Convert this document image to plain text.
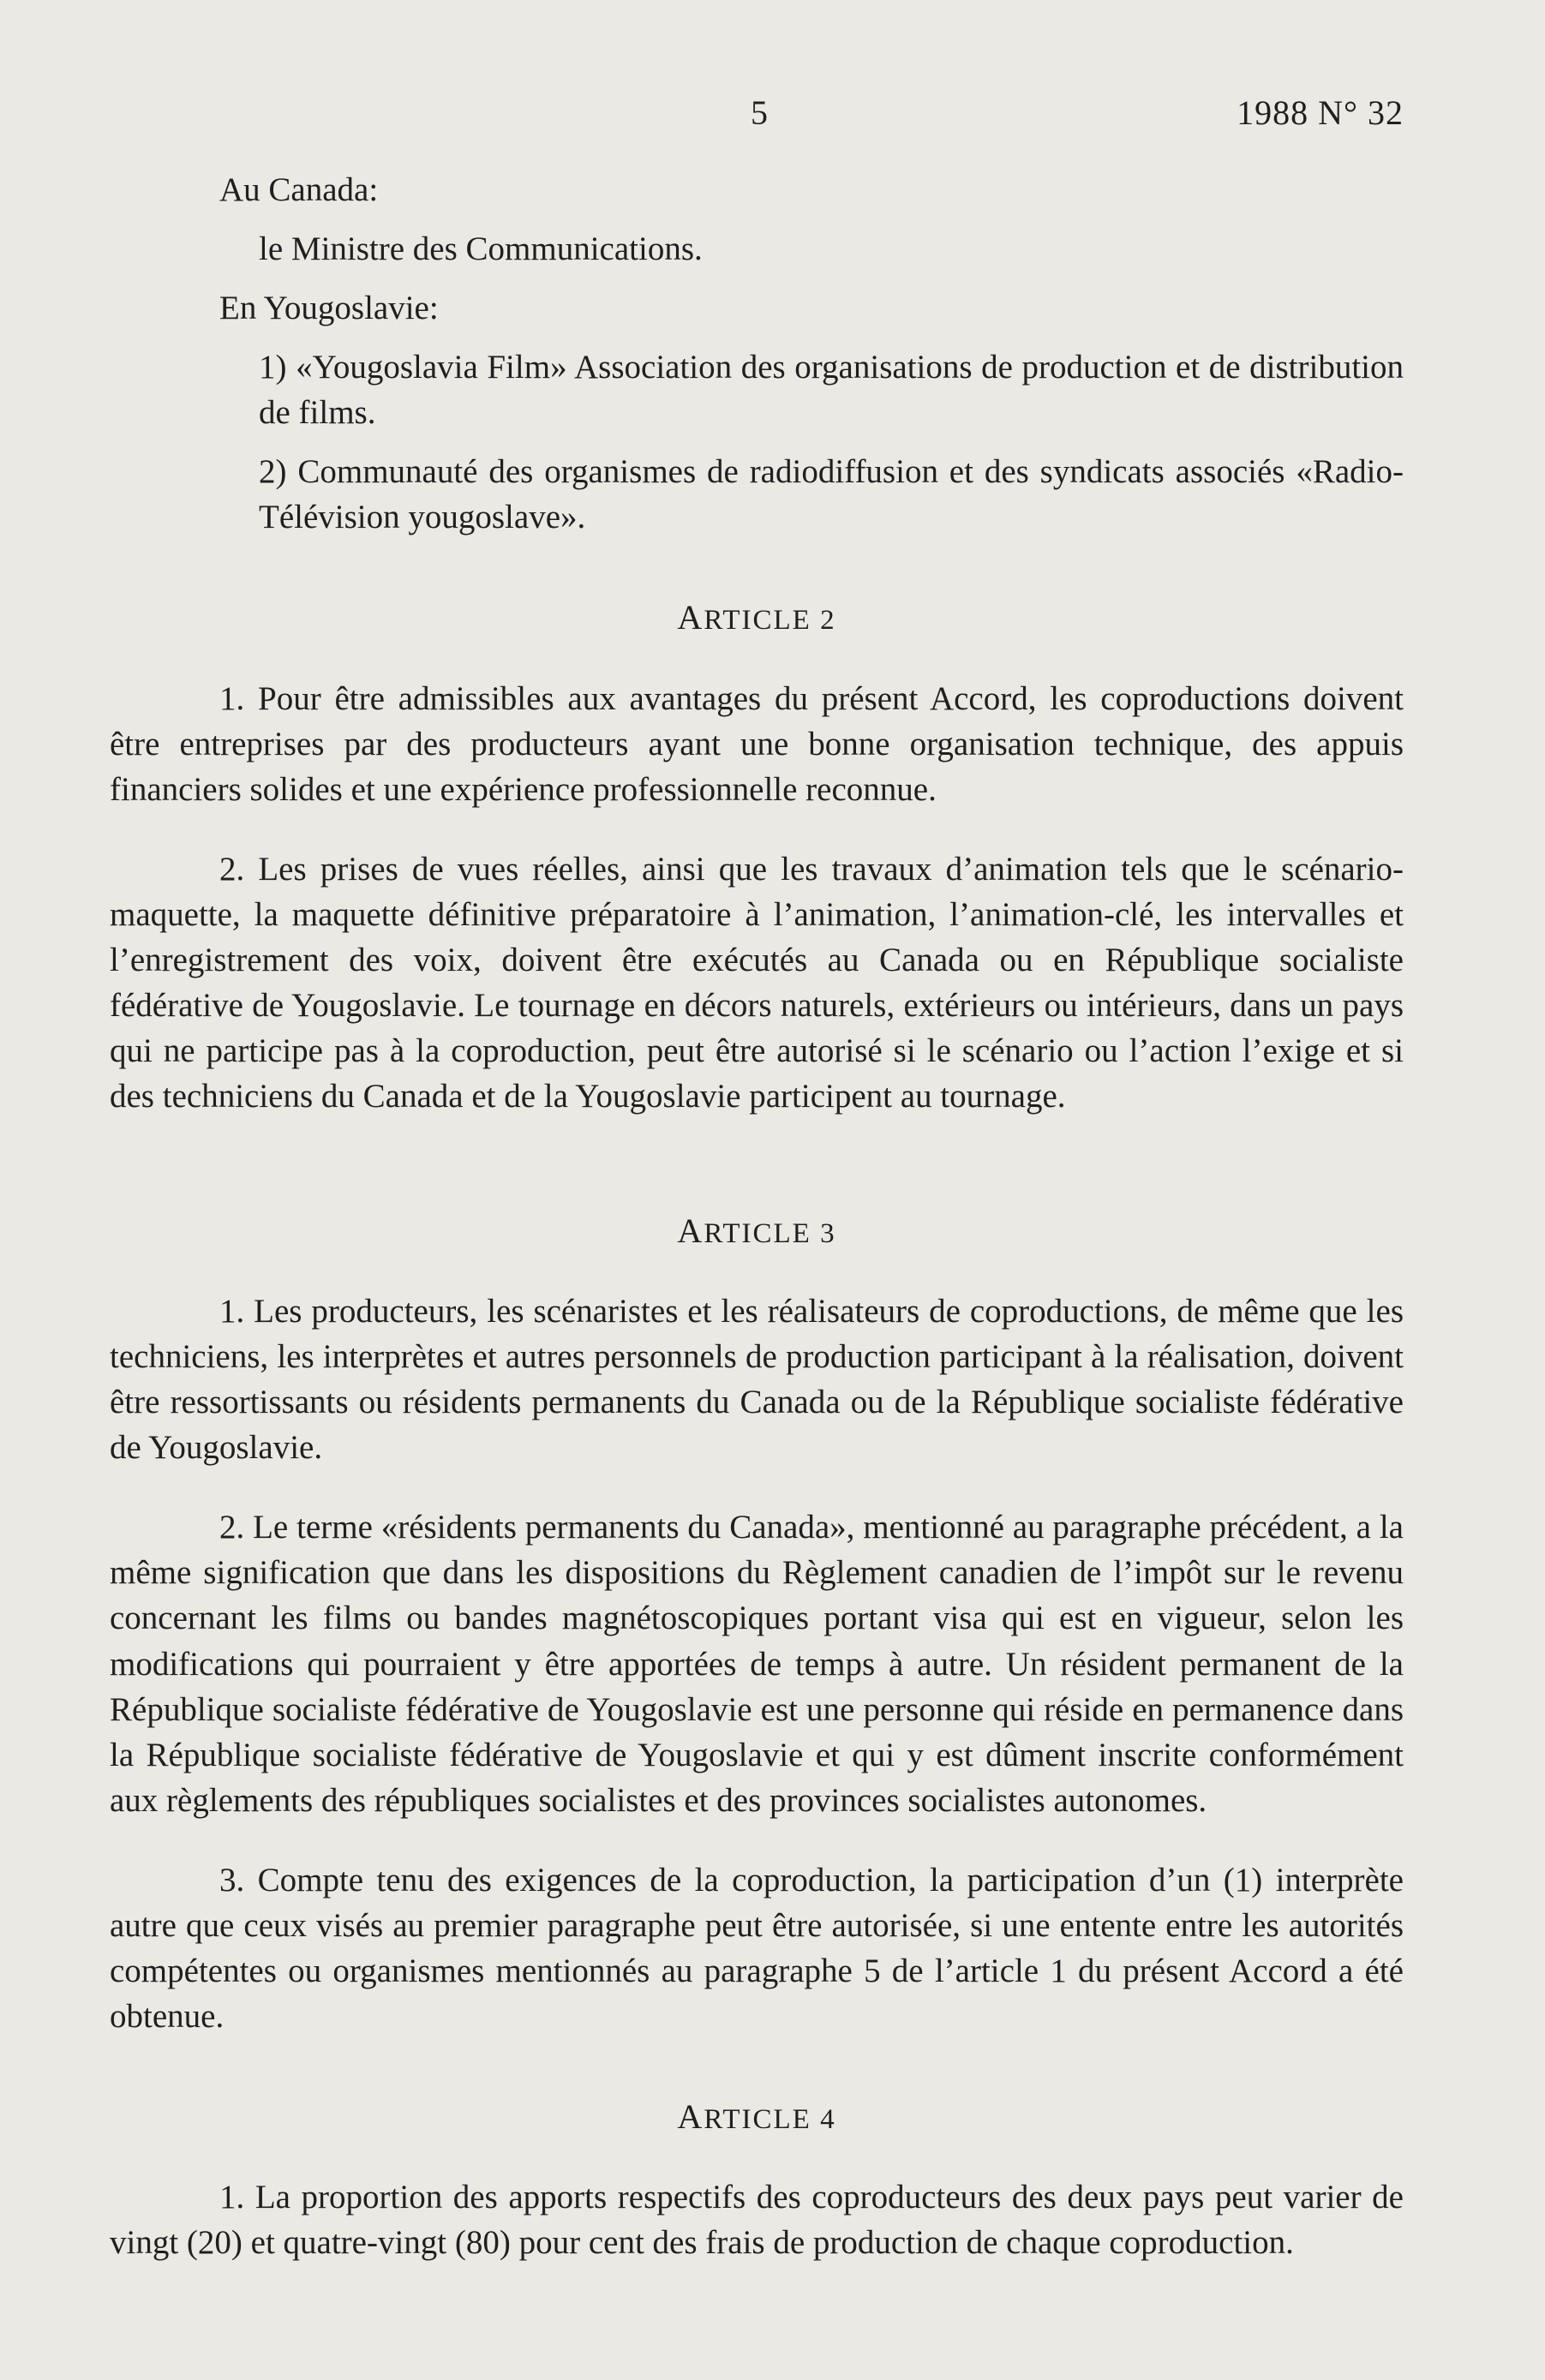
5	1988 N° 32

Au Canada:

le Ministre des Communications.

En Yougoslavie:

1) «Yougoslavia Film» Association des organisations de production et de distribution de films.

2) Communauté des organismes de radiodiffusion et des syndicats associés «Radio-Télévision yougoslave».

ARTICLE 2

1. Pour être admissibles aux avantages du présent Accord, les coproductions doivent être entreprises par des producteurs ayant une bonne organisation technique, des appuis financiers solides et une expérience professionnelle reconnue.

2. Les prises de vues réelles, ainsi que les travaux d’animation tels que le scénario-maquette, la maquette définitive préparatoire à l’animation, l’animation-clé, les intervalles et l’enregistrement des voix, doivent être exécutés au Canada ou en République socialiste fédérative de Yougoslavie. Le tournage en décors naturels, extérieurs ou intérieurs, dans un pays qui ne participe pas à la coproduction, peut être autorisé si le scénario ou l’action l’exige et si des techniciens du Canada et de la Yougoslavie participent au tournage.

ARTICLE 3

1. Les producteurs, les scénaristes et les réalisateurs de coproductions, de même que les techniciens, les interprètes et autres personnels de production participant à la réalisation, doivent être ressortissants ou résidents permanents du Canada ou de la République socialiste fédérative de Yougoslavie.

2. Le terme «résidents permanents du Canada», mentionné au paragraphe précédent, a la même signification que dans les dispositions du Règlement canadien de l’impôt sur le revenu concernant les films ou bandes magnétoscopiques portant visa qui est en vigueur, selon les modifications qui pourraient y être apportées de temps à autre. Un résident permanent de la République socialiste fédérative de Yougoslavie est une personne qui réside en permanence dans la République socialiste fédérative de Yougoslavie et qui y est dûment inscrite conformément aux règlements des républiques socialistes et des provinces socialistes autonomes.

3. Compte tenu des exigences de la coproduction, la participation d’un (1) interprète autre que ceux visés au premier paragraphe peut être autorisée, si une entente entre les autorités compétentes ou organismes mentionnés au paragraphe 5 de l’article 1 du présent Accord a été obtenue.

ARTICLE 4

1. La proportion des apports respectifs des coproducteurs des deux pays peut varier de vingt (20) et quatre-vingt (80) pour cent des frais de production de chaque coproduction.
